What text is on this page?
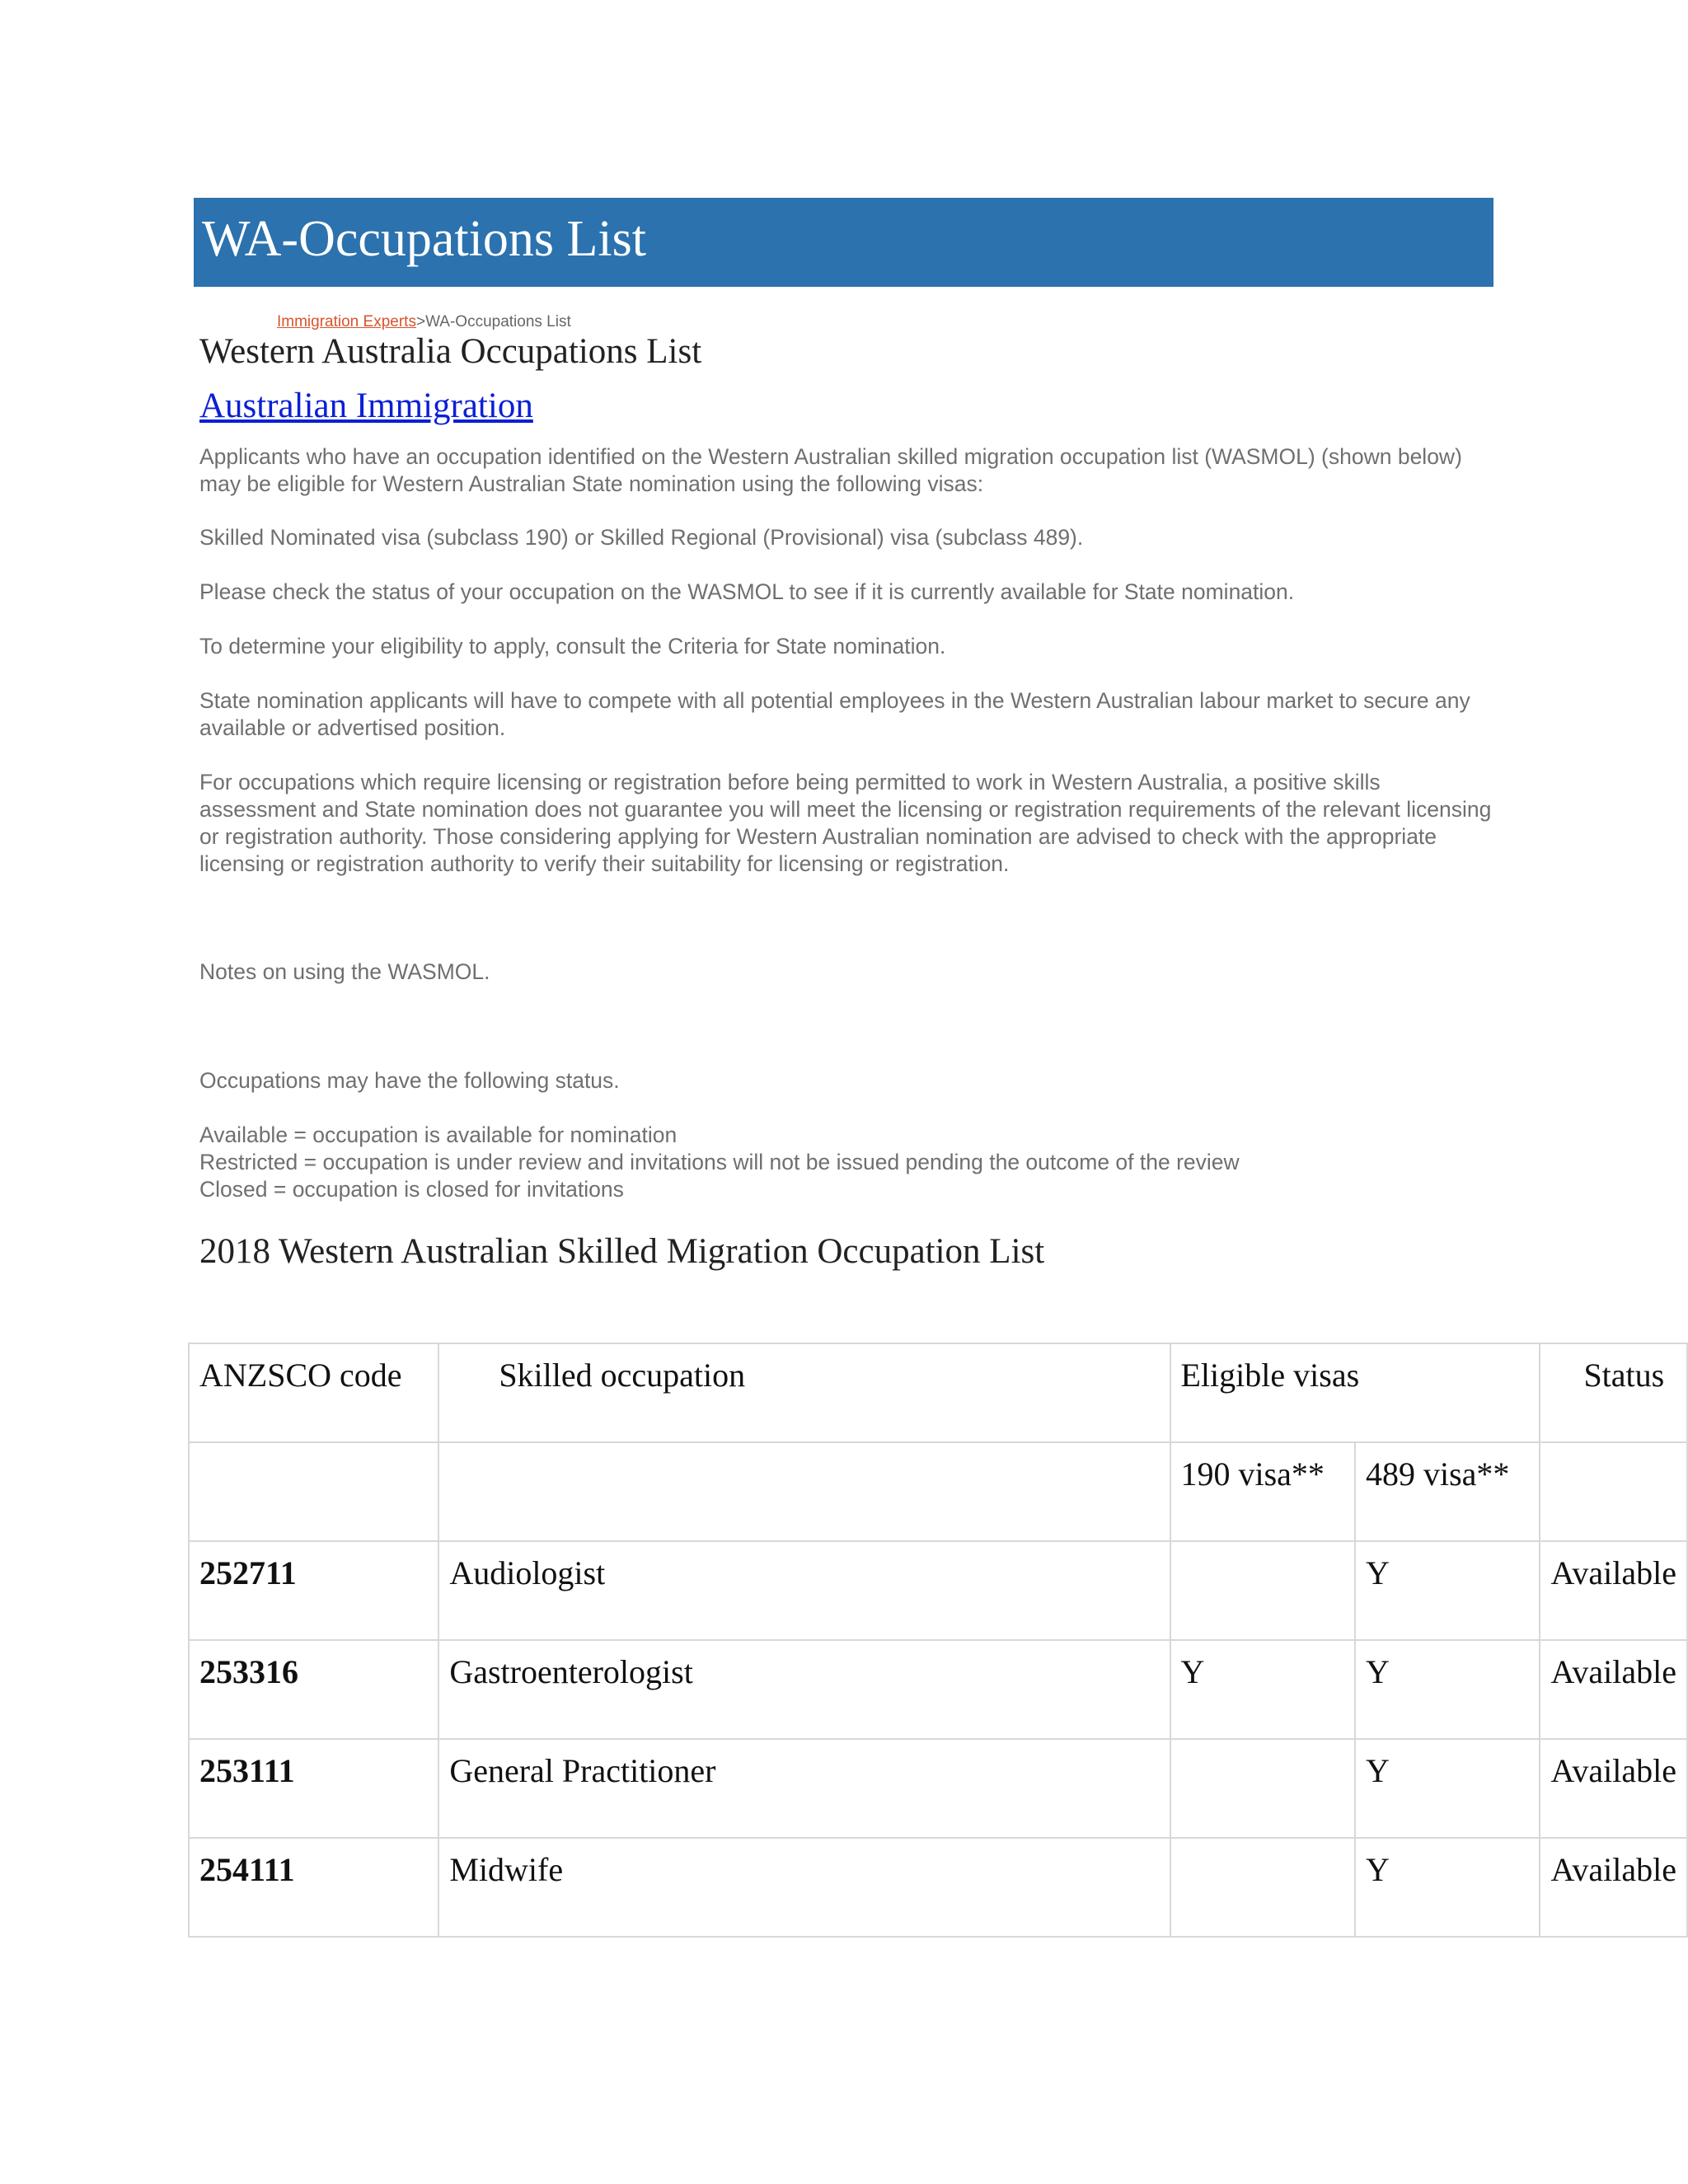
WA-Occupations List
Immigration Experts>WA-Occupations List
Western Australia Occupations List
Australian Immigration

Applicants who have an occupation identified on the Western Australian skilled migration occupation list (WASMOL) (shown below) may be eligible for Western Australian State nomination using the following visas:

Skilled Nominated visa (subclass 190) or Skilled Regional (Provisional) visa (subclass 489).

Please check the status of your occupation on the WASMOL to see if it is currently available for State nomination.

To determine your eligibility to apply, consult the Criteria for State nomination.

State nomination applicants will have to compete with all potential employees in the Western Australian labour market to secure any available or advertised position.

For occupations which require licensing or registration before being permitted to work in Western Australia, a positive skills assessment and State nomination does not guarantee you will meet the licensing or registration requirements of the relevant licensing or registration authority. Those considering applying for Western Australian nomination are advised to check with the appropriate licensing or registration authority to verify their suitability for licensing or registration.

Notes on using the WASMOL.

Occupations may have the following status.

Available = occupation is available for nomination
Restricted = occupation is under review and invitations will not be issued pending the outcome of the review
Closed = occupation is closed for invitations
2018 Western Australian Skilled Migration Occupation List
ANZSCO code	Skilled occupation	Eligible visas		Status
		190 visa**	489 visa**	
252711	Audiologist		Y	Available
253316	Gastroenterologist	Y	Y	Available
253111	General Practitioner		Y	Available
254111	Midwife		Y	Available
